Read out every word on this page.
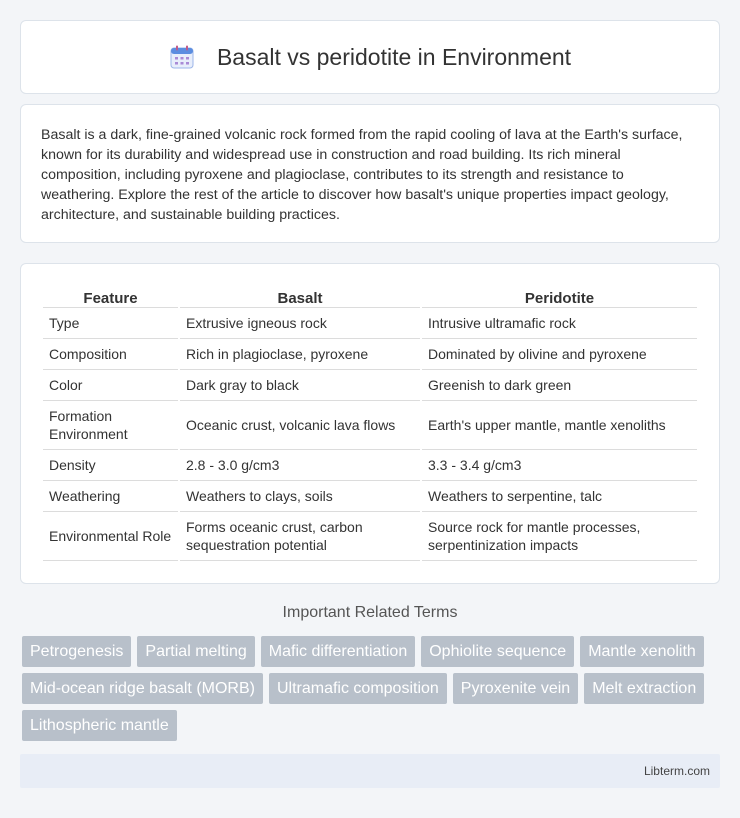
Basalt vs peridotite in Environment

Basalt is a dark, fine-grained volcanic rock formed from the rapid cooling of lava at the Earth's surface, known for its durability and widespread use in construction and road building. Its rich mineral composition, including pyroxene and plagioclase, contributes to its strength and resistance to weathering. Explore the rest of the article to discover how basalt's unique properties impact geology, architecture, and sustainable building practices.

Feature	Basalt	Peridotite
Type	Extrusive igneous rock	Intrusive ultramafic rock
Composition	Rich in plagioclase, pyroxene	Dominated by olivine and pyroxene
Color	Dark gray to black	Greenish to dark green
Formation Environment	Oceanic crust, volcanic lava flows	Earth's upper mantle, mantle xenoliths
Density	2.8 - 3.0 g/cm3	3.3 - 3.4 g/cm3
Weathering	Weathers to clays, soils	Weathers to serpentine, talc
Environmental Role	Forms oceanic crust, carbon sequestration potential	Source rock for mantle processes, serpentinization impacts
Important Related Terms
Petrogenesis	Partial melting	Mafic differentiation	Ophiolite sequence	Mantle xenolith
Mid-ocean ridge basalt (MORB)	Ultramafic composition	Pyroxenite vein	Melt extraction
Lithospheric mantle
Libterm.com
